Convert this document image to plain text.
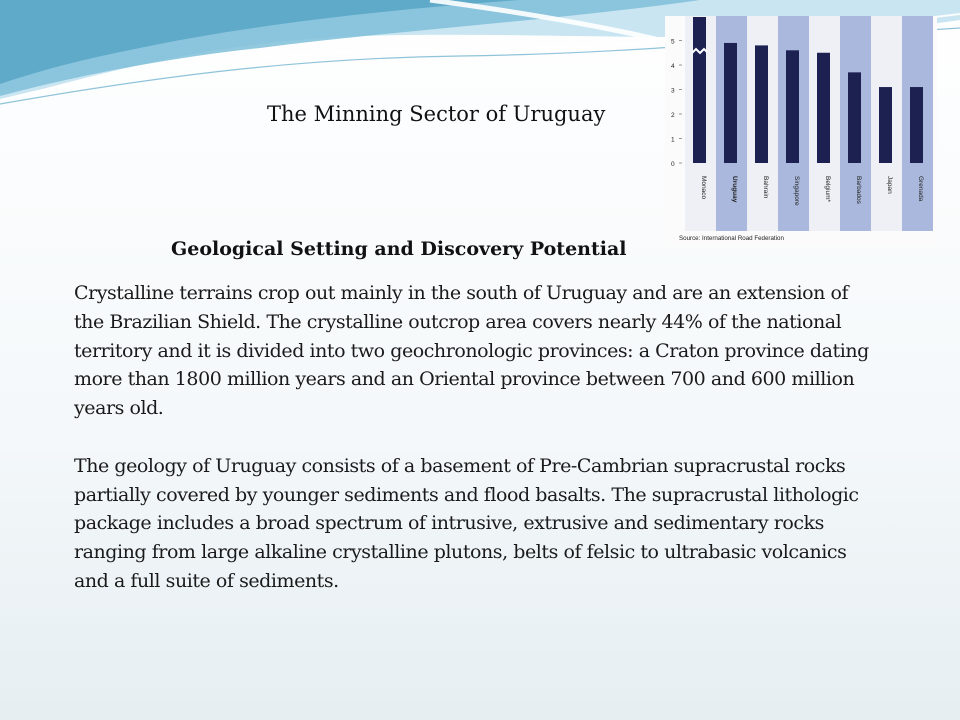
The Minning Sector of Uruguay
0
1
2
3
4
5
Monaco	Uruguay	Bahrain	Singapore	Belgium*	Barbados	Japan	Grenada
Source: International Road Federation
Geological Setting and Discovery Potential

Crystalline terrains crop out mainly in the south of Uruguay and are an extension of the Brazilian Shield. The crystalline outcrop area covers nearly 44% of the national territory and it is divided into two geochronologic provinces: a Craton province dating more than 1800 million years and an Oriental province between 700 and 600 million years old.

The geology of Uruguay consists of a basement of Pre-Cambrian supracrustal rocks partially covered by younger sediments and flood basalts. The supracrustal lithologic package includes a broad spectrum of intrusive, extrusive and sedimentary rocks ranging from large alkaline crystalline plutons, belts of felsic to ultrabasic volcanics and a full suite of sediments.
